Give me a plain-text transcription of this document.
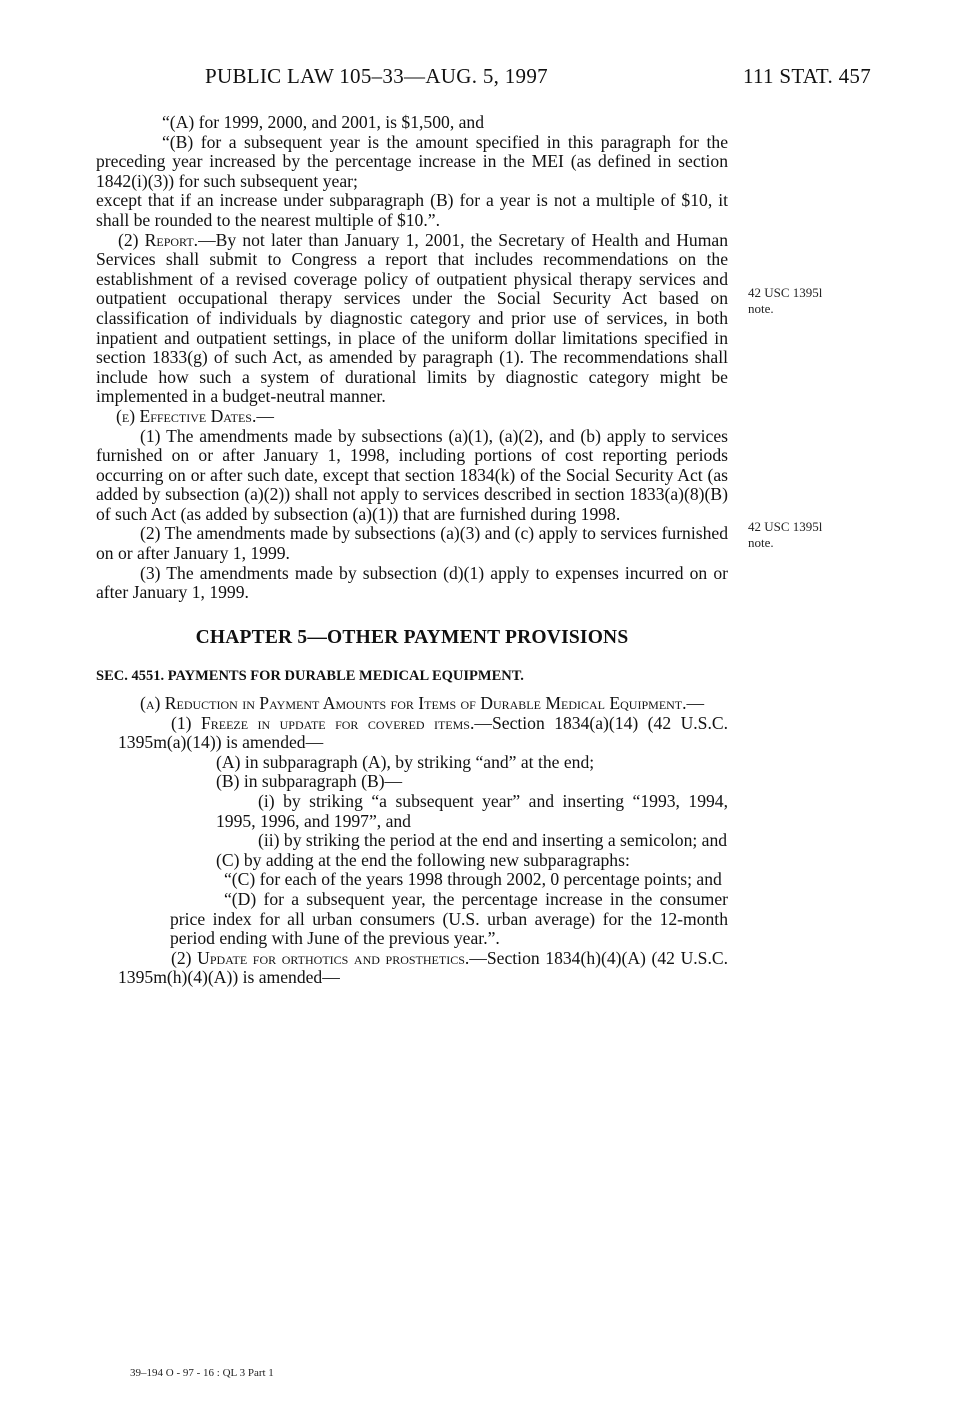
PUBLIC LAW 105–33—AUG. 5, 1997	111 STAT. 457

“(A) for 1999, 2000, and 2001, is $1,500, and

“(B) for a subsequent year is the amount specified in this paragraph for the preceding year increased by the percentage increase in the MEI (as defined in section 1842(i)(3)) for such subsequent year;

except that if an increase under subparagraph (B) for a year is not a multiple of $10, it shall be rounded to the nearest multiple of $10.”.

(2) Report.—By not later than January 1, 2001, the Secretary of Health and Human Services shall submit to Congress a report that includes recommendations on the establishment of a revised coverage policy of outpatient physical therapy services and outpatient occupational therapy services under the Social Security Act based on classification of individuals by diagnostic category and prior use of services, in both inpatient and outpatient settings, in place of the uniform dollar limitations specified in section 1833(g) of such Act, as amended by paragraph (1). The recommendations shall include how such a system of durational limits by diagnostic category might be implemented in a budget-neutral manner.

(e) Effective Dates.—

(1) The amendments made by subsections (a)(1), (a)(2), and (b) apply to services furnished on or after January 1, 1998, including portions of cost reporting periods occurring on or after such date, except that section 1834(k) of the Social Security Act (as added by subsection (a)(2)) shall not apply to services described in section 1833(a)(8)(B) of such Act (as added by subsection (a)(1)) that are furnished during 1998.

(2) The amendments made by subsections (a)(3) and (c) apply to services furnished on or after January 1, 1999.

(3) The amendments made by subsection (d)(1) apply to expenses incurred on or after January 1, 1999.

CHAPTER 5—OTHER PAYMENT PROVISIONS
SEC. 4551. PAYMENTS FOR DURABLE MEDICAL EQUIPMENT.

(a) Reduction in Payment Amounts for Items of Durable Medical Equipment.—

(1) Freeze in update for covered items.—Section 1834(a)(14) (42 U.S.C. 1395m(a)(14)) is amended—

(A) in subparagraph (A), by striking “and” at the end;

(B) in subparagraph (B)—

(i) by striking “a subsequent year” and inserting “1993, 1994, 1995, 1996, and 1997”, and

(ii) by striking the period at the end and inserting a semicolon; and

(C) by adding at the end the following new subparagraphs:

“(C) for each of the years 1998 through 2002, 0 percentage points; and

“(D) for a subsequent year, the percentage increase in the consumer price index for all urban consumers (U.S. urban average) for the 12-month period ending with June of the previous year.”.

(2) Update for orthotics and prosthetics.—Section 1834(h)(4)(A) (42 U.S.C. 1395m(h)(4)(A)) is amended—

42 USC 1395l
note.
42 USC 1395l
note.
39–194 O - 97 - 16 : QL 3 Part 1
